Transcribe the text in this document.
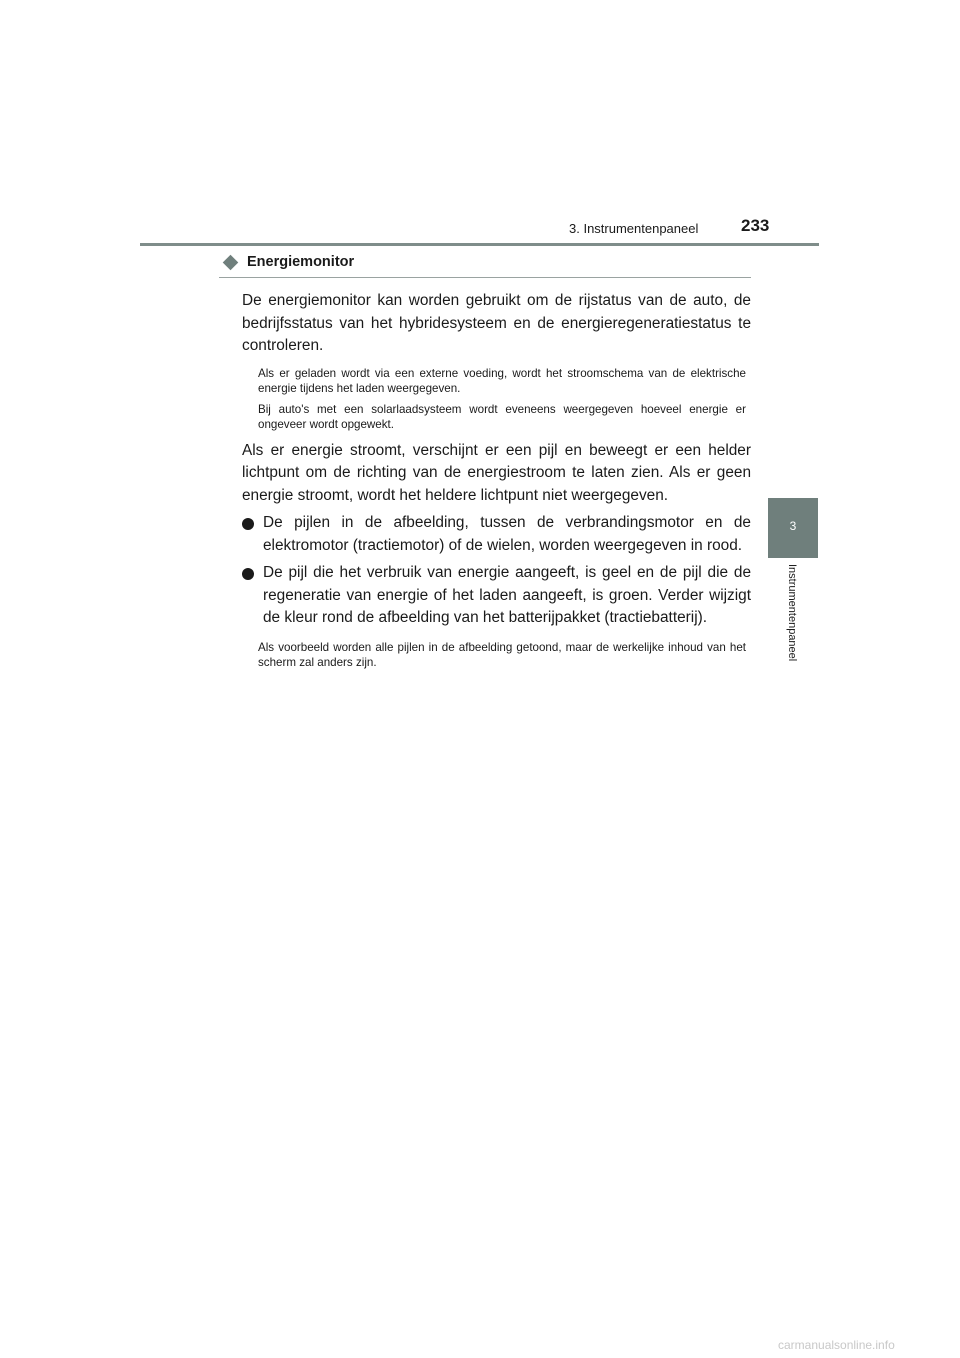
3. Instrumentenpaneel	233
3
Instrumentenpaneel
Energiemonitor

De energiemonitor kan worden gebruikt om de rijstatus van de auto, de bedrijfsstatus van het hybridesysteem en de energieregeneratiestatus te controleren.

Als er geladen wordt via een externe voeding, wordt het stroomschema van de elektrische energie tijdens het laden weergegeven.

Bij auto's met een solarlaadsysteem wordt eveneens weergegeven hoeveel energie er ongeveer wordt opgewekt.

Als er energie stroomt, verschijnt er een pijl en beweegt er een helder lichtpunt om de richting van de energiestroom te laten zien. Als er geen energie stroomt, wordt het heldere lichtpunt niet weergegeven.

De pijlen in de afbeelding, tussen de verbrandingsmotor en de elektromotor (tractiemotor) of de wielen, worden weergegeven in rood.
De pijl die het verbruik van energie aangeeft, is geel en de pijl die de regeneratie van energie of het laden aangeeft, is groen. Verder wijzigt de kleur rond de afbeelding van het batterijpakket (tractiebatterij).

Als voorbeeld worden alle pijlen in de afbeelding getoond, maar de werkelijke inhoud van het scherm zal anders zijn.

carmanualsonline.info
